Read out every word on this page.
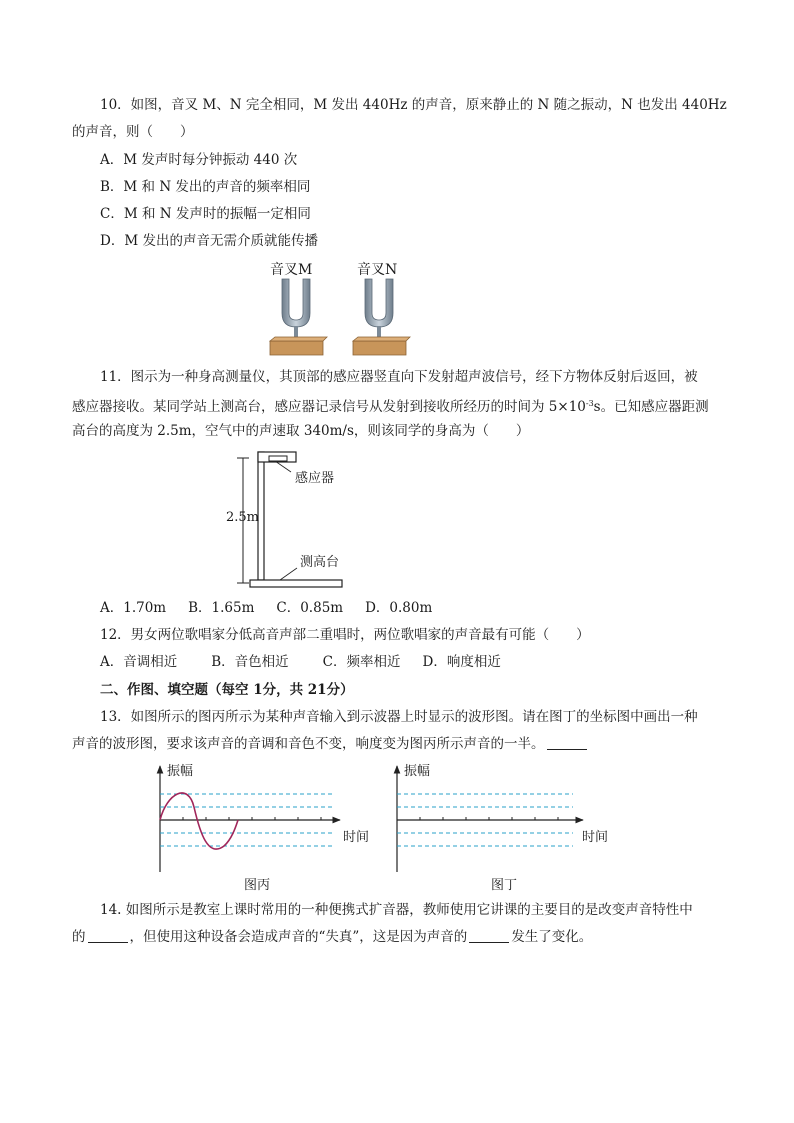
10．如图，音叉 M、N 完全相同，M 发出 440Hz 的声音，原来静止的 N 随之振动，N 也发出 440Hz
的声音，则（　　）
A．M 发声时每分钟振动 440 次
B．M 和 N 发出的声音的频率相同
C．M 和 N 发声时的振幅一定相同
D．M 发出的声音无需介质就能传播
音叉M	音叉N
11．图示为一种身高测量仪，其顶部的感应器竖直向下发射超声波信号，经下方物体反射后返回，被
感应器接收。某同学站上测高台，感应器记录信号从发射到接收所经历的时间为 $5\times 10^{-3}s$。已知感应器距测
高台的高度为 2.5m，空气中的声速取 340m/s，则该同学的身高为（　　）
感应器
2.5m
测高台
A．1.70m B．1.65m C．0.85m D．0.80m
12．男女两位歌唱家分低高音声部二重唱时，两位歌唱家的声音最有可能（　　）
A．音调相近	B．音色相近	C．频率相近 D．响度相近
二、作图、填空题（每空 1分，共 21分）
13．如图所示的图丙所示为某种声音输入到示波器上时显示的波形图。请在图丁的坐标图中画出一种
声音的波形图，要求该声音的音调和音色不变，响度变为图丙所示声音的一半。
振幅
时间
振幅
时间
图丙	图丁
14. 如图所示是教室上课时常用的一种便携式扩音器，教师使用它讲课的主要目的是改变声音特性中
的	，但使用这种设备会造成声音的“失真”，这是因为声音的	发生了变化。
